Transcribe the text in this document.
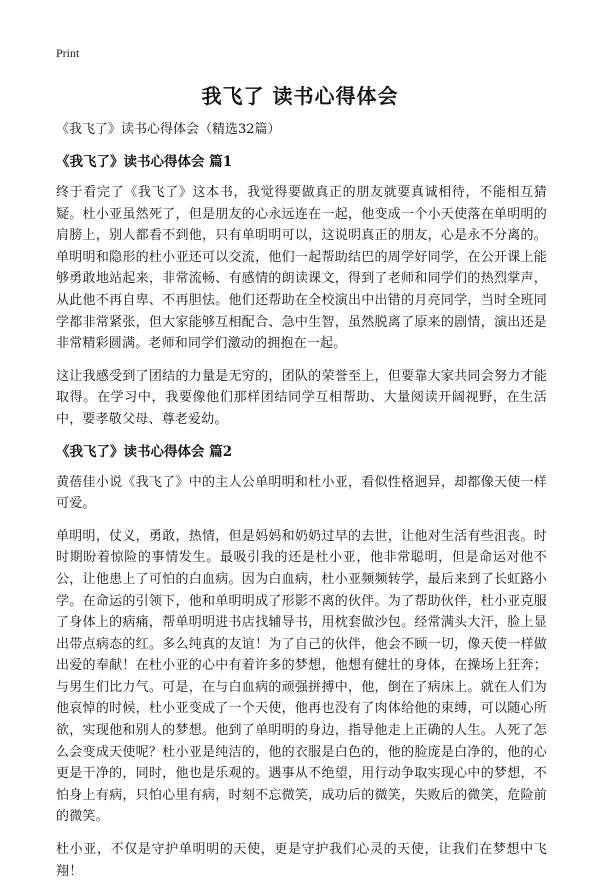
Print
我飞了 读书心得体会
《我飞了》读书心得体会（精选32篇）
《我飞了》读书心得体会 篇1

终于看完了《我飞了》这本书，我觉得要做真正的朋友就要真诚相待，不能相互猜疑。杜小亚虽然死了，但是朋友的心永远连在一起，他变成一个小天使落在单明明的肩膀上，别人都看不到他，只有单明明可以，这说明真正的朋友，心是永不分离的。单明明和隐形的杜小亚还可以交流，他们一起帮助结巴的周学好同学，在公开课上能够勇敢地站起来，非常流畅、有感情的朗读课文，得到了老师和同学们的热烈掌声，从此他不再自卑、不再胆怯。他们还帮助在全校演出中出错的月亮同学，当时全班同学都非常紧张，但大家能够互相配合、急中生智，虽然脱离了原来的剧情，演出还是非常精彩圆满。老师和同学们激动的拥抱在一起。

这让我感受到了团结的力量是无穷的，团队的荣誉至上，但要靠大家共同会努力才能取得。在学习中，我要像他们那样团结同学互相帮助、大量阅读开阔视野，在生活中，要孝敬父母、尊老爱幼。

《我飞了》读书心得体会 篇2

黄蓓佳小说《我飞了》中的主人公单明明和杜小亚，看似性格迥异，却都像天使一样可爱。

单明明，仗义，勇敢，热情，但是妈妈和奶奶过早的去世，让他对生活有些沮丧。时时期盼着惊险的事情发生。最吸引我的还是杜小亚，他非常聪明，但是命运对他不公，让他患上了可怕的白血病。因为白血病，杜小亚频频转学，最后来到了长虹路小学。在命运的引领下，他和单明明成了形影不离的伙伴。为了帮助伙伴，杜小亚克服了身体上的病痛，帮单明明进书店找辅导书，用枕套做沙包。经常满头大汗，脸上显出带点病态的红。多么纯真的友谊！为了自己的伙伴，他会不顾一切，像天使一样做出爱的奉献！在杜小亚的心中有着许多的梦想，他想有健壮的身体，在操场上狂奔；与男生们比力气。可是，在与白血病的顽强拼搏中，他，倒在了病床上。就在人们为他哀悼的时候，杜小亚变成了一个天使，他再也没有了肉体给他的束缚，可以随心所欲，实现他和别人的梦想。他到了单明明的身边，指导他走上正确的人生。人死了怎么会变成天使呢？杜小亚是纯洁的，他的衣服是白色的，他的脸庞是白净的，他的心更是干净的，同时，他也是乐观的。遇事从不绝望，用行动争取实现心中的梦想，不怕身上有病，只怕心里有病，时刻不忘微笑，成功后的微笑，失败后的微笑，危险前的微笑。

杜小亚，不仅是守护单明明的天使，更是守护我们心灵的天使，让我们在梦想中飞翔！
